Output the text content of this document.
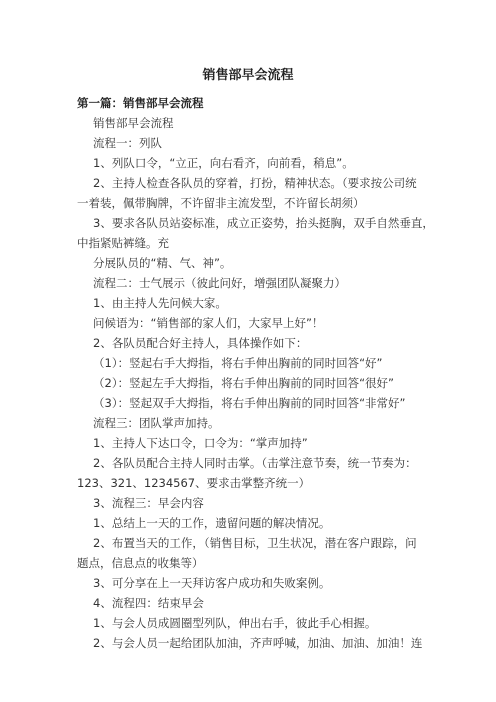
销售部早会流程
第一篇：销售部早会流程
销售部早会流程
流程一：列队
1、列队口令，“立正，向右看齐，向前看，稍息”。
2、主持人检查各队员的穿着，打扮，精神状态。（要求按公司统
一着装，佩带胸牌，不许留非主流发型，不许留长胡须）
3、要求各队员站姿标准，成立正姿势，抬头挺胸，双手自然垂直，
中指紧贴裤缝。充
分展队员的“精、气、神”。
流程二：士气展示（彼此问好，增强团队凝聚力）
1、由主持人先问候大家。
问候语为：“销售部的家人们，大家早上好”！
2、各队员配合好主持人，具体操作如下：
（1）：竖起右手大拇指，将右手伸出胸前的同时回答“好”
（2）：竖起左手大拇指，将右手伸出胸前的同时回答“很好”
（3）：竖起双手大拇指，将右手伸出胸前的同时回答“非常好”
流程三：团队掌声加持。
1、主持人下达口令，口令为：“掌声加持”
2、各队员配合主持人同时击掌。（击掌注意节奏，统一节奏为：
123、321、1234567、要求击掌整齐统一）
3、流程三：早会内容
1、总结上一天的工作，遗留问题的解决情况。
2、布置当天的工作，（销售目标，卫生状况，潜在客户跟踪，问
题点，信息点的收集等）
3、可分享在上一天拜访客户成功和失败案例。
4、流程四：结束早会
1、与会人员成圆圈型列队，伸出右手，彼此手心相握。
2、与会人员一起给团队加油，齐声呼喊，加油、加油、加油！连
